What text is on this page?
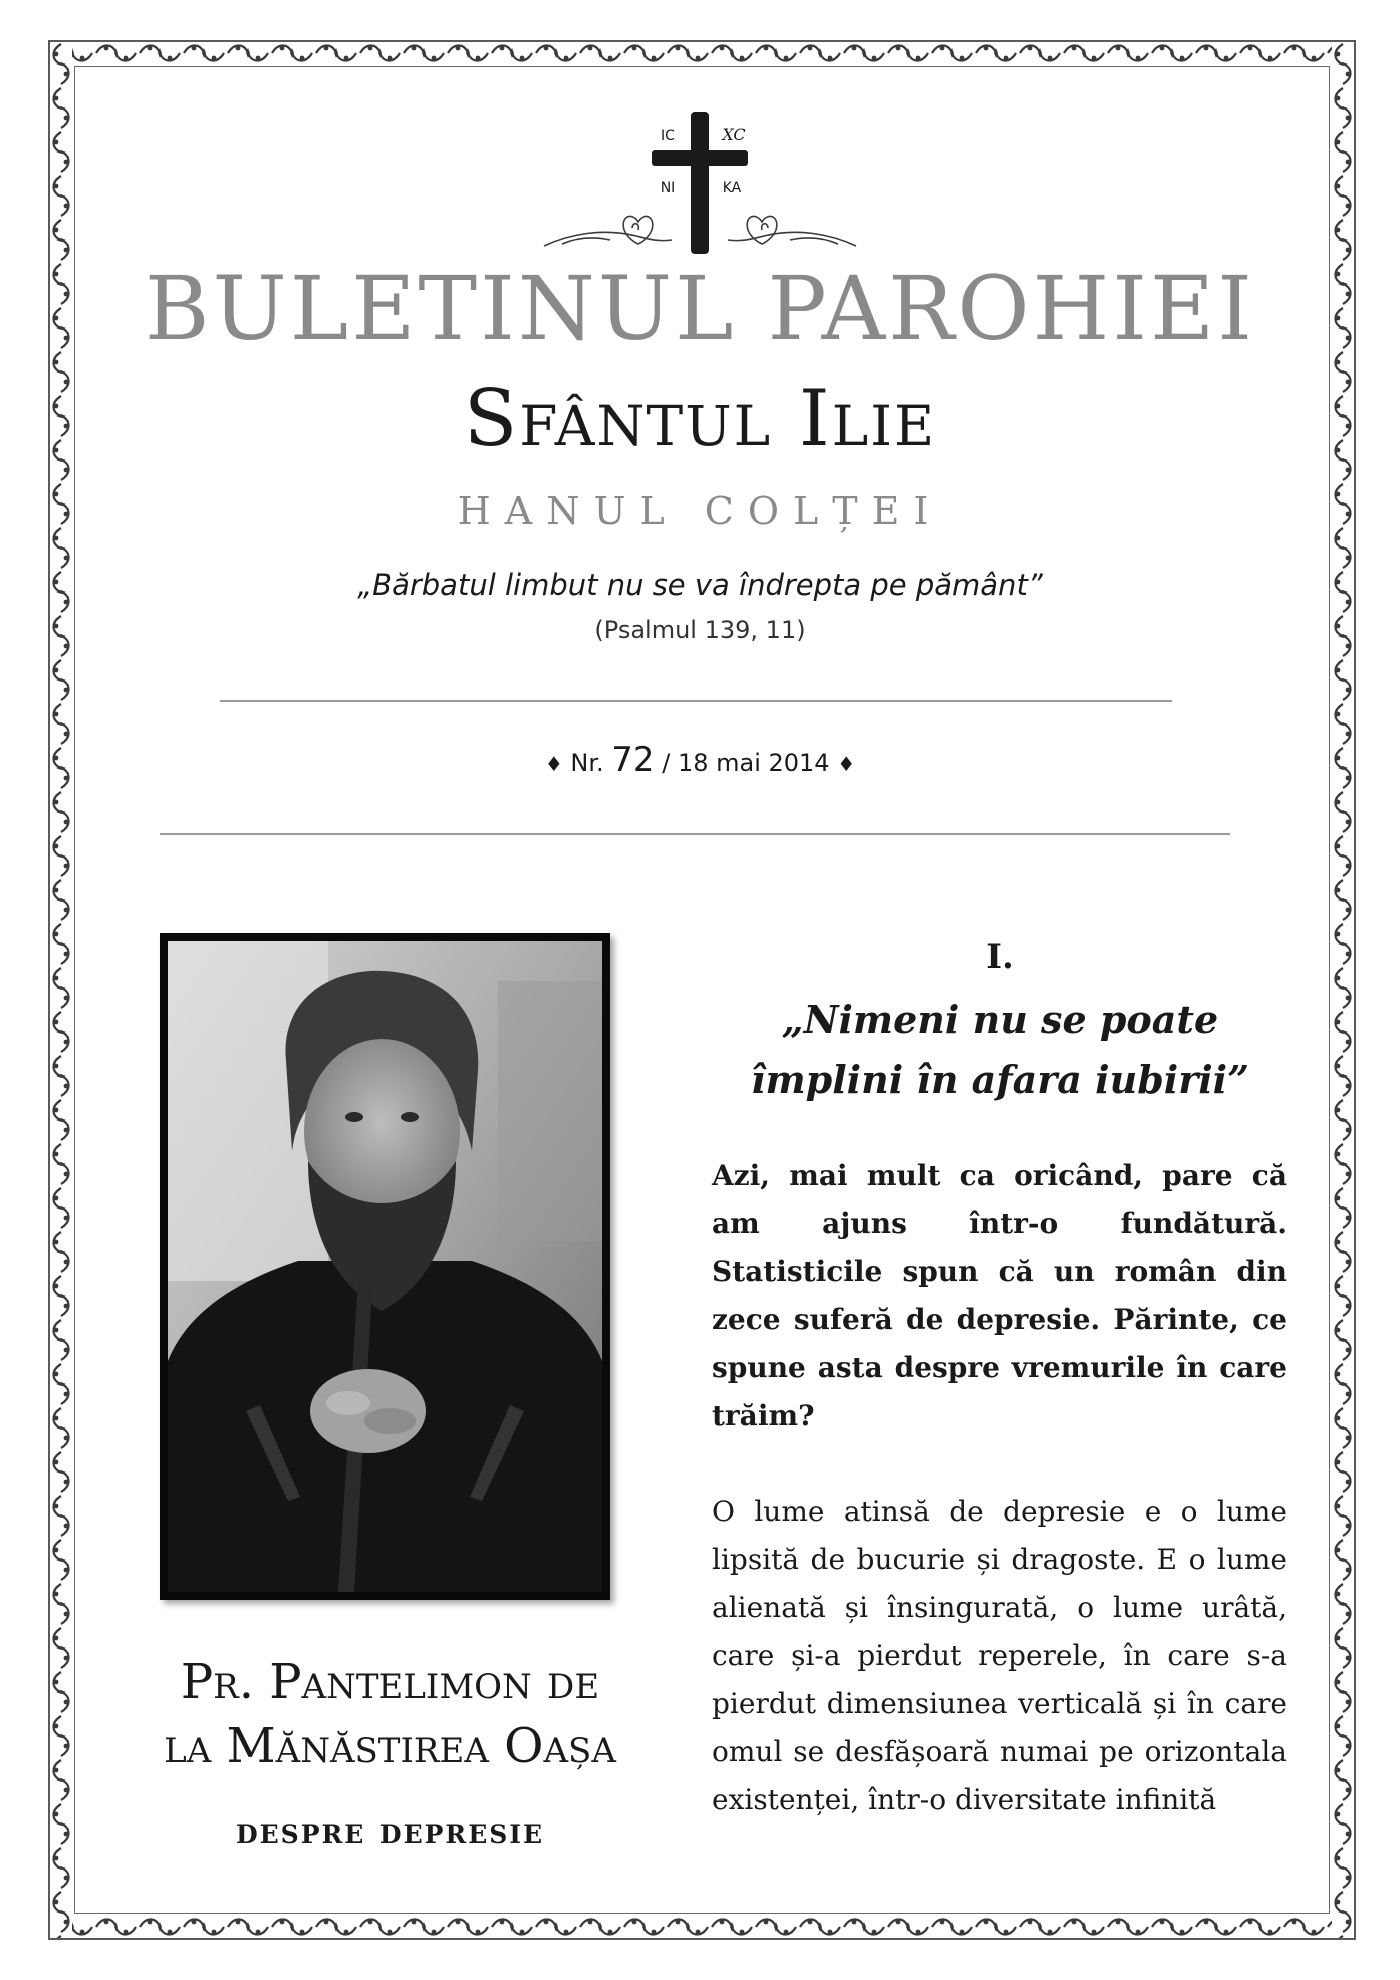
IC	XC
NI	KA
BULETINUL PAROHIEI
Sfântul Ilie
HANUL COLȚEI
„Bărbatul limbut nu se va îndrepta pe pământ”
(Psalmul 139, 11)
♦ Nr. 72 / 18 mai 2014 ♦
Pr. Pantelimon de
la Mănăstirea Oașa
despre depresie
I.
„Nimeni nu se poate
împlini în afara iubirii”

Azi, mai mult ca oricând, pare că am ajuns într-o fundătură. Statisticile spun că un român din zece suferă de depresie. Părinte, ce spune asta despre vremurile în care trăim?

O lume atinsă de depresie e o lume lipsită de bucurie și dragoste. E o lume alienată și însingurată, o lume urâtă, care și-a pierdut reperele, în care s-a pierdut dimensiunea verticală și în care omul se desfășoară numai pe orizontala existenței, într-o diversitate infinită
